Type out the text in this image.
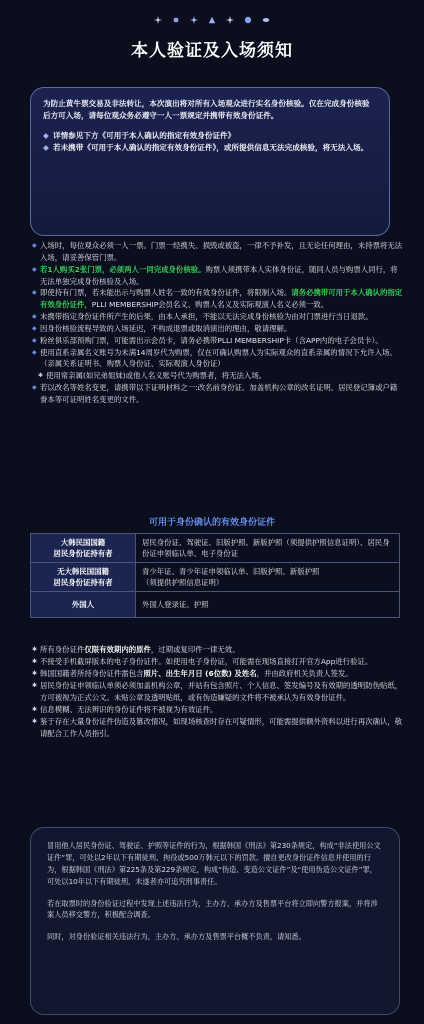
本人验证及入场须知

为防止黄牛票交易及非法转让，本次演出将对所有入场观众进行实名身份核验。仅在完成身份核验后方可入场，请每位观众务必遵守一人一票规定并携带有效身份证件。

◆ 详情参见下方《可用于本人确认的指定有效身份证件》
◆ 若未携带《可用于本人确认的指定有效身份证件》，或所提供信息无法完成核验，将无法入场。
◆ 入场时，每位观众必须一人一票。门票一经携失、损毁或被盗，一律不予补发，且无论任何理由，未持票将无法入场，请妥善保管门票。
◆ 若1人购买2张门票，必须两人一同完成身份核验。购票人须携带本人实体身份证，随同人员与购票人同行，将无法单独完成身份核验及入场。
◆ 即使持有门票，若未能出示与购票人姓名一致的有效身份证件，将限制入场。请务必携带可用于本人确认的指定有效身份证件，PLLI MEMBERSHIP会员名义、购票人名义及实际观演人名义必须一致。
◆ 未携带指定身份证件所产生的后果，由本人承担，不能以无法完成身份核验为由对门票进行当日退款。
◆ 因身份核验流程导致的入场延迟，不构成退票或取消演出的理由，敬请理解。
◆ 粉丝俱乐部预购门票，可能需出示会员卡，请务必携带PLLI MEMBERSHIP卡（含APP内的电子会员卡）。
◆ 使用直系亲属名义账号为未满14周岁代为购票，仅在可确认购票人为实际观众的直系亲属的情况下允许入场。（亲属关系证明书、购票人身份证、实际观演人身份证）
✱ 使用常亲属(如兄弟姐妹)或他人名义账号代为购票者，将无法入场。
◆ 若以改名等姓名变更，请携带以下证明材料之一:改名前身份证、加盖机构公章的改名证明、居民登记簿或户籍誊本等可证明姓名变更的文件。
可用于身份确认的有效身份证件
大韩民国国籍
居民身份证持有者	居民身份证、驾驶证、旧版护照、新版护照（须提供护照信息证明）、居民身份证申领临认单、电子身份证
无大韩民国国籍
居民身份证持有者	青少年证、青少年证申领临认单、旧版护照、新版护照
（须提供护照信息证明）
外国人	外国人登录证、护照
✱ 所有身份证件仅限有效期内的原件，过期或复印件一律无效。
✱ 不接受手机截屏版本的电子身份证件。如使用电子身份证，可能需在现场直接打开官方App进行验证。
✱ 韩国国籍者所持身份证件需包含照片、出生年月日 (6位数) 及姓名，并由政府机关负责人签发。
✱ 居民身份证申领临认单须必须加盖机构公章，并站有包含照片、个人信息、签发编号及有效期的透明防伪贴纸，方可被视为正式公文。未贴公章及透明贴纸，或有伪造嫌疑的文件将不被承认为有效身份证件。
✱ 信息模糊、无法辨识的身份证件将不被视为有效证件。
✱ 鉴于存在大量身份证件伪造及篡改情况，如现场核查时存在可疑情形，可能需提供额外资料以进行再次确认，敬请配合工作人员指引。

冒用他人居民身份证、驾驶证、护照等证件的行为，根据韩国《刑法》第230条规定，构成“非法使用公文证件”罪，可处以2年以下有期徒刑、拘役或500万韩元以下的罚款。擅自更改身份证件信息并使用的行为，根据韩国《刑法》第225条及第229条规定，构成“伪造、变造公文证件”及“使用伪造公文证件”罪，可处以10年以下有期徒刑，未遂者亦可追究刑事责任。

若在取票时的身份验证过程中发现上述违法行为，主办方、承办方及售票平台将立即向警方报案，并将涉案人员移交警方，积极配合调查。

同时，对身份验证相关违法行为，主办方、承办方及售票平台概不负责，请知悉。
